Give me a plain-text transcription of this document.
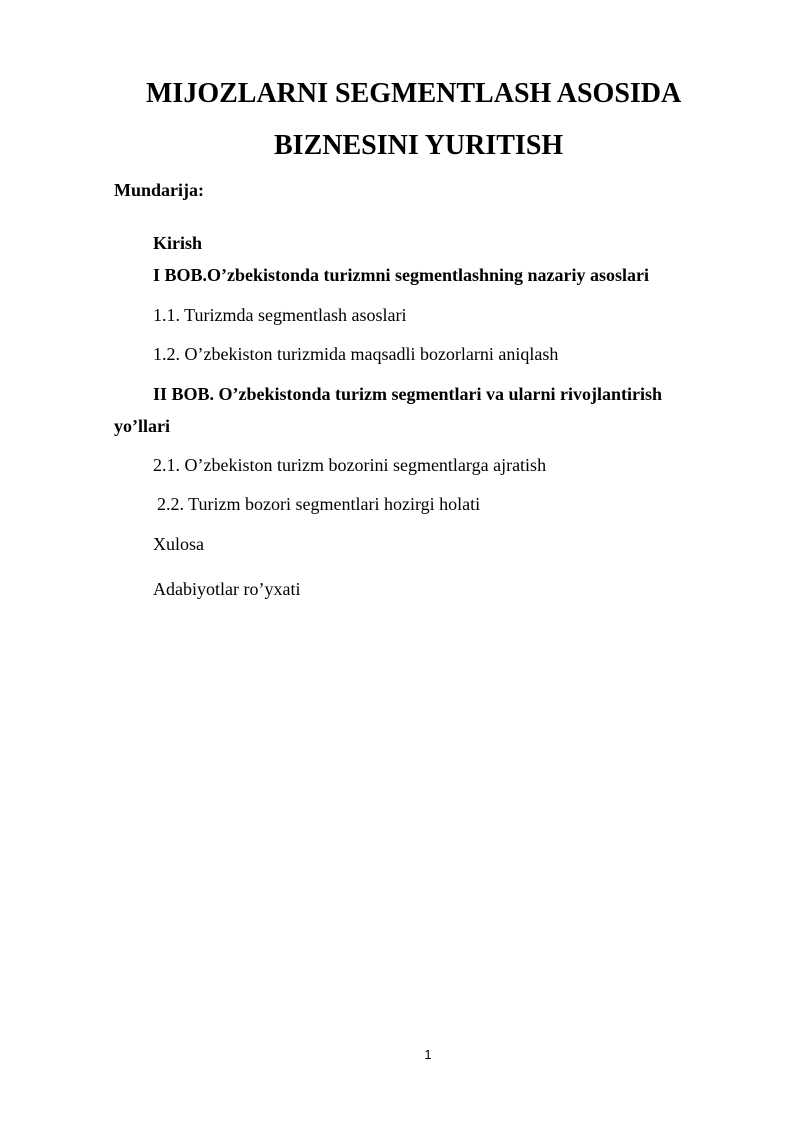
MIJOZLARNI SEGMENTLASH ASOSIDA
BIZNESINI YURITISH
Mundarija:
Kirish
I BOB.O’zbekistonda turizmni segmentlashning nazariy asoslari
1.1. Turizmda segmentlash asoslari
1.2. O’zbekiston turizmida maqsadli bozorlarni aniqlash
II BOB. O’zbekistonda turizm segmentlari va ularni rivojlantirish
yo’llari
2.1. O’zbekiston turizm bozorini segmentlarga ajratish
2.2. Turizm bozori segmentlari hozirgi holati
Xulosa
Adabiyotlar ro’yxati
1
